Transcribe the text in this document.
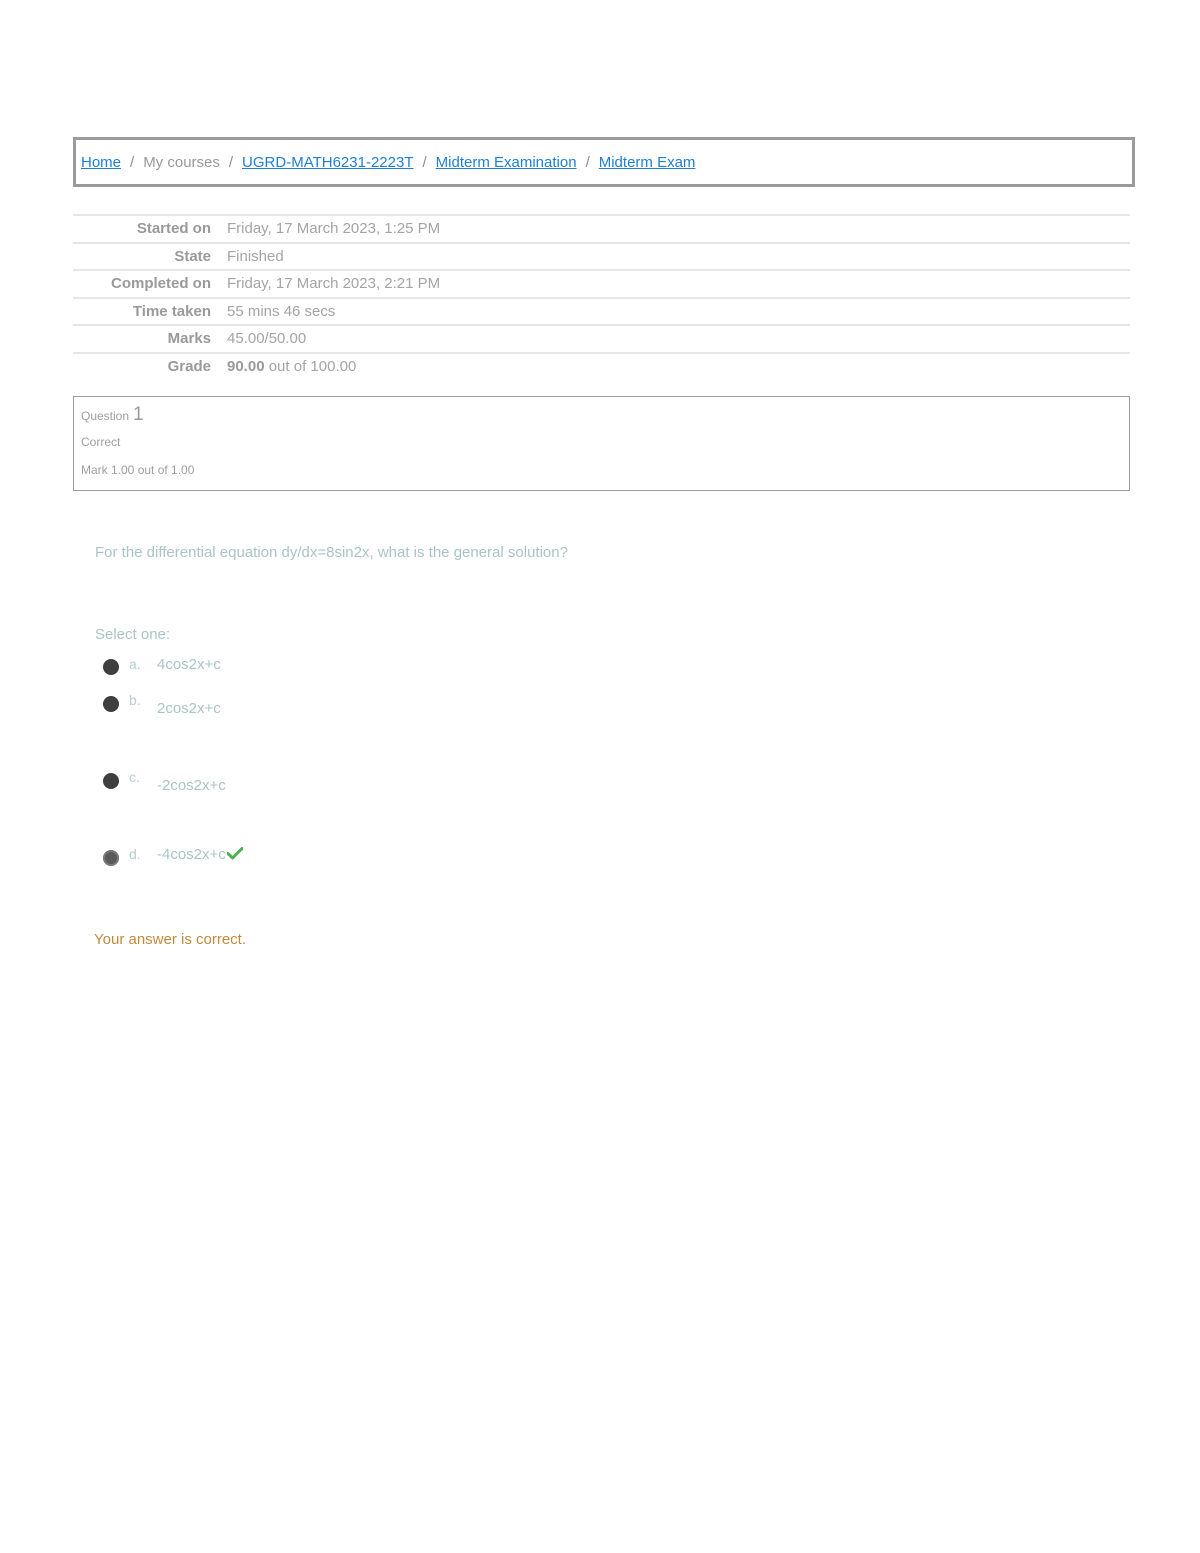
Home / My courses / UGRD-MATH6231-2223T / Midterm Examination / Midterm Exam
Started on	Friday, 17 March 2023, 1:25 PM
State	Finished
Completed on	Friday, 17 March 2023, 2:21 PM
Time taken	55 mins 46 secs
Marks	45.00/50.00
Grade	90.00 out of 100.00
Question 1
Correct
Mark 1.00 out of 1.00
For the differential equation dy/dx=8sin2x, what is the general solution?
Select one:
a.	4cos2x+c
b.	2cos2x+c
c.	-2cos2x+c
d.	-4cos2x+c
Your answer is correct.
